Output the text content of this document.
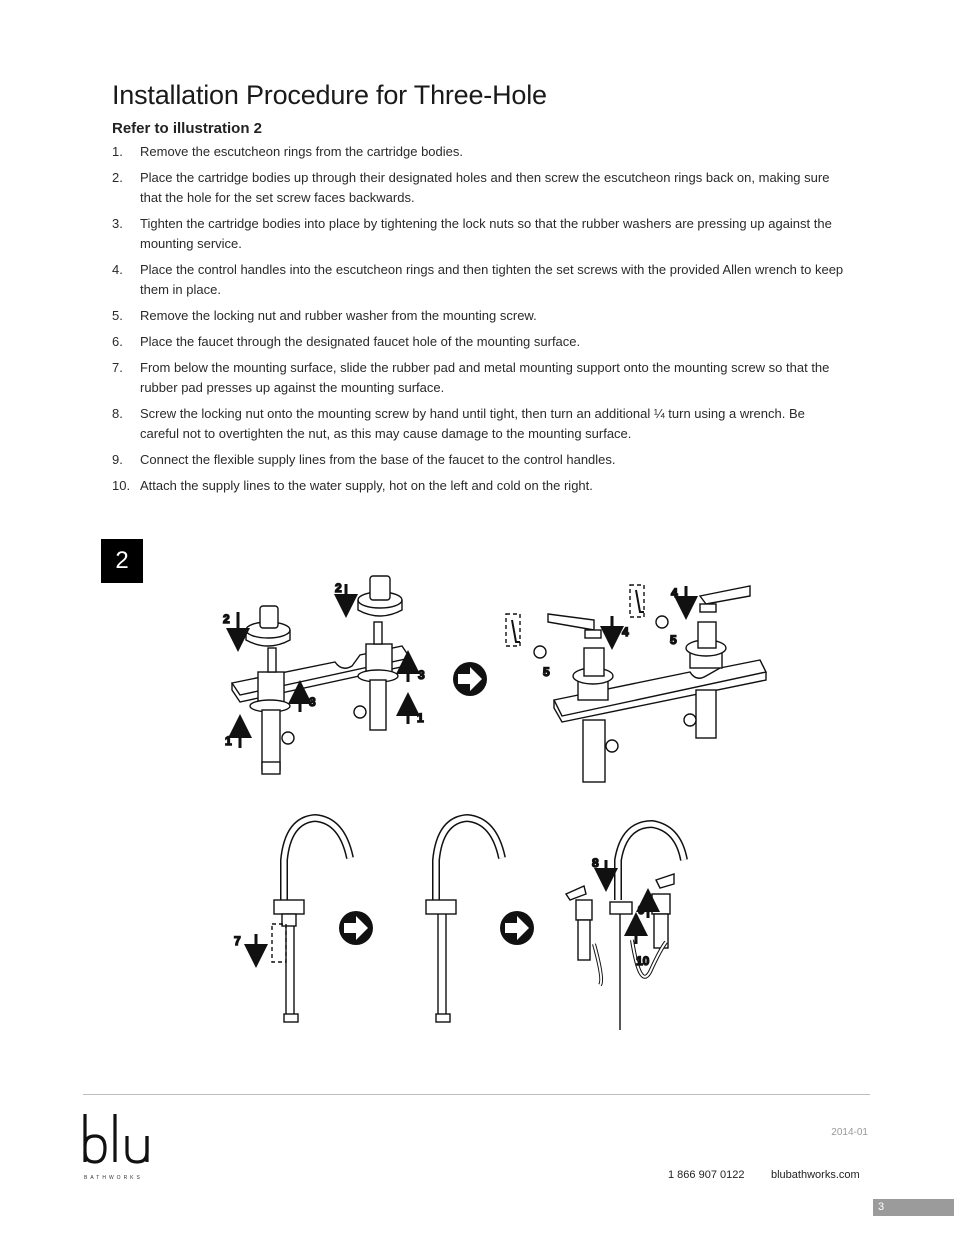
Installation Procedure for Three-Hole
Refer to illustration 2
1. Remove the escutcheon rings from the cartridge bodies.
2. Place the cartridge bodies up through their designated holes and then screw the escutcheon rings back on, making sure that the hole for the set screw faces backwards.
3. Tighten the cartridge bodies into place by tightening the lock nuts so that the rubber washers are pressing up against the mounting service.
4. Place the control handles into the escutcheon rings and then tighten the set screws with the provided Allen wrench to keep them in place.
5. Remove the locking nut and rubber washer from the mounting screw.
6. Place the faucet through the designated faucet hole of the mounting surface.
7. From below the mounting surface, slide the rubber pad and metal mounting support onto the mounting screw so that the rubber pad presses up against the mounting surface.
8. Screw the locking nut onto the mounting screw by hand until tight, then turn an additional ¼ turn using a wrench. Be careful not to overtighten the nut, as this may cause damage to the mounting surface.
9. Connect the flexible supply lines from the base of the faucet to the control handles.
10. Attach the supply lines to the water supply, hot on the left and cold on the right.
2
1
1
2
2
3
3
4
4
5
5
7
8
9
10
BATHWORKS
2014-01
1 866 907 0122 blubathworks.com
3
